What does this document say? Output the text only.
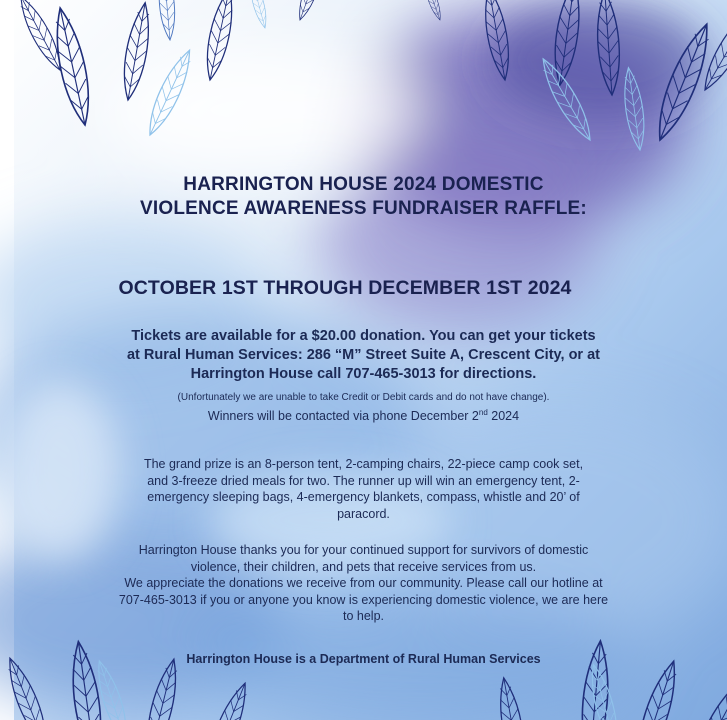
HARRINGTON HOUSE 2024 DOMESTIC
VIOLENCE AWARENESS FUNDRAISER RAFFLE:
OCTOBER 1ST THROUGH DECEMBER 1ST 2024
Tickets are available for a $20.00 donation. You can get your tickets
at Rural Human Services: 286 “M” Street Suite A, Crescent City, or at
Harrington House call 707-465-3013 for directions.
(Unfortunately we are unable to take Credit or Debit cards and do not have change).
Winners will be contacted via phone December 2nd 2024
The grand prize is an 8-person tent, 2-camping chairs, 22-piece camp cook set,
and 3-freeze dried meals for two. The runner up will win an emergency tent, 2-
emergency sleeping bags, 4-emergency blankets, compass, whistle and 20’ of
paracord.
Harrington House thanks you for your continued support for survivors of domestic
violence, their children, and pets that receive services from us.
We appreciate the donations we receive from our community. Please call our hotline at
707-465-3013 if you or anyone you know is experiencing domestic violence, we are here
to help.
Harrington House is a Department of Rural Human Services
